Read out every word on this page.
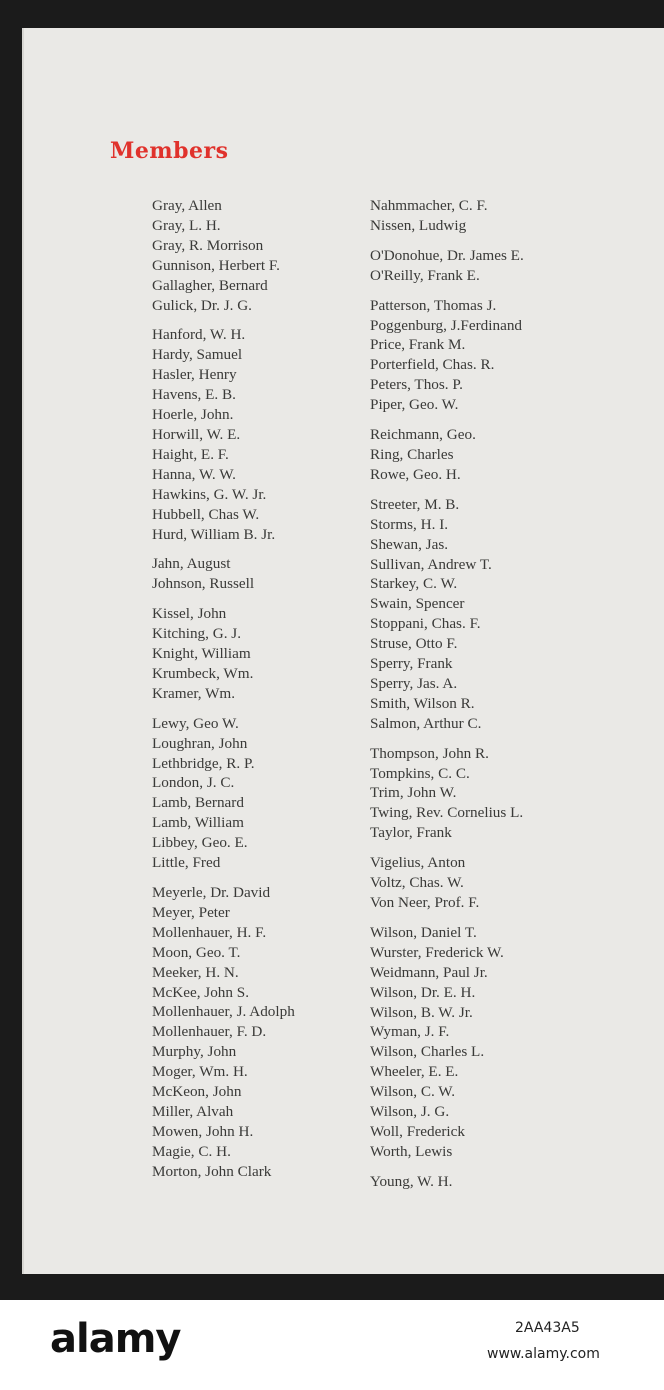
Members
Gray, Allen
Gray, L. H.
Gray, R. Morrison
Gunnison, Herbert F.
Gallagher, Bernard
Gulick, Dr. J. G.
Hanford, W. H.
Hardy, Samuel
Hasler, Henry
Havens, E. B.
Hoerle, John.
Horwill, W. E.
Haight, E. F.
Hanna, W. W.
Hawkins, G. W. Jr.
Hubbell, Chas W.
Hurd, William B. Jr.
Jahn, August
Johnson, Russell
Kissel, John
Kitching, G. J.
Knight, William
Krumbeck, Wm.
Kramer, Wm.
Lewy, Geo W.
Loughran, John
Lethbridge, R. P.
London, J. C.
Lamb, Bernard
Lamb, William
Libbey, Geo. E.
Little, Fred
Meyerle, Dr. David
Meyer, Peter
Mollenhauer, H. F.
Moon, Geo. T.
Meeker, H. N.
McKee, John S.
Mollenhauer, J. Adolph
Mollenhauer, F. D.
Murphy, John
Moger, Wm. H.
McKeon, John
Miller, Alvah
Mowen, John H.
Magie, C. H.
Morton, John Clark
Nahmmacher, C. F.
Nissen, Ludwig
O'Donohue, Dr. James E.
O'Reilly, Frank E.
Patterson, Thomas J.
Poggenburg, J.Ferdinand
Price, Frank M.
Porterfield, Chas. R.
Peters, Thos. P.
Piper, Geo. W.
Reichmann, Geo.
Ring, Charles
Rowe, Geo. H.
Streeter, M. B.
Storms, H. I.
Shewan, Jas.
Sullivan, Andrew T.
Starkey, C. W.
Swain, Spencer
Stoppani, Chas. F.
Struse, Otto F.
Sperry, Frank
Sperry, Jas. A.
Smith, Wilson R.
Salmon, Arthur C.
Thompson, John R.
Tompkins, C. C.
Trim, John W.
Twing, Rev. Cornelius L.
Taylor, Frank
Vigelius, Anton
Voltz, Chas. W.
Von Neer, Prof. F.
Wilson, Daniel T.
Wurster, Frederick W.
Weidmann, Paul Jr.
Wilson, Dr. E. H.
Wilson, B. W. Jr.
Wyman, J. F.
Wilson, Charles L.
Wheeler, E. E.
Wilson, C. W.
Wilson, J. G.
Woll, Frederick
Worth, Lewis
Young, W. H.
alamy	2AA43A5
www.alamy.com
